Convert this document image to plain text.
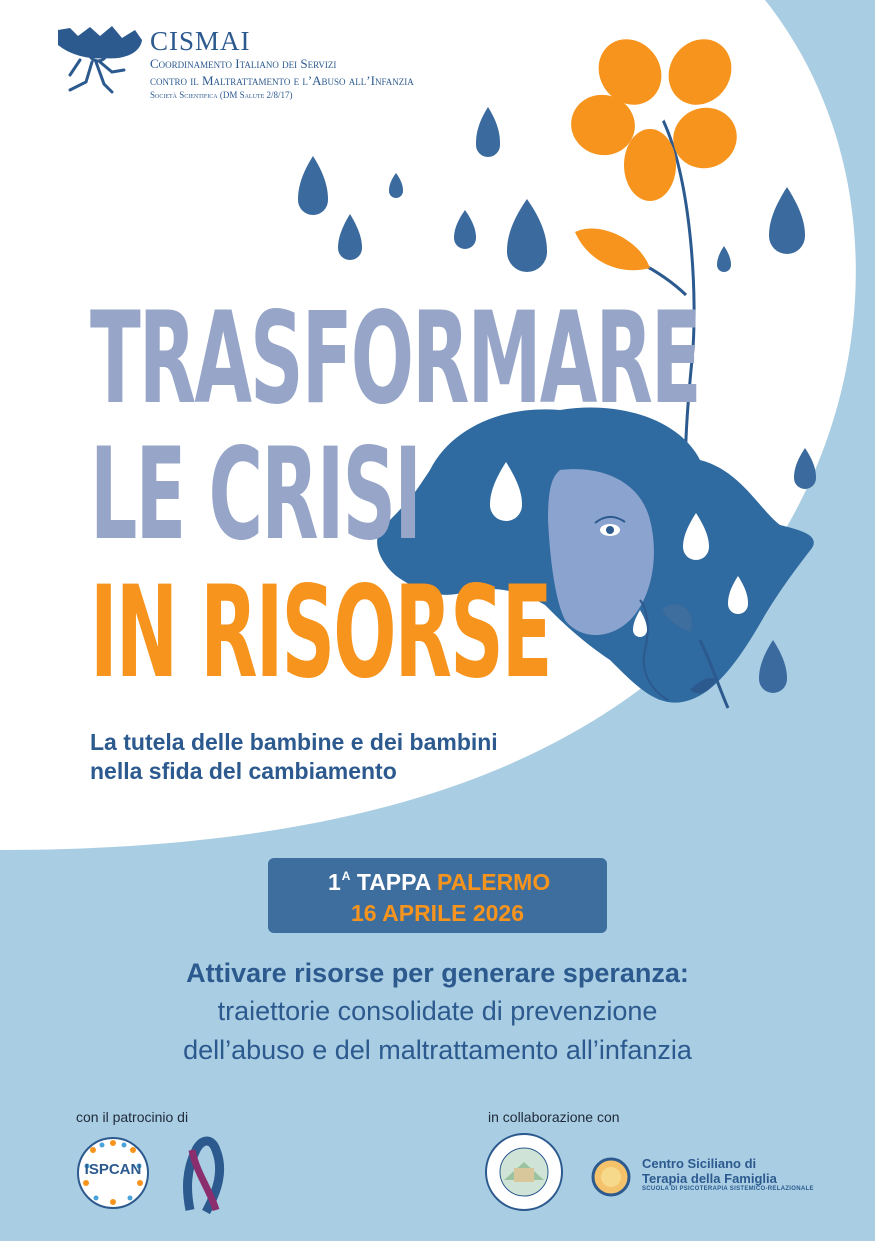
CISMAI
Coordinamento Italiano dei Servizi
contro il Maltrattamento e l’Abuso all’Infanzia
Società Scientifica (DM Salute 2/8/17)
TRASFORMARE
LE CRISI
IN RISORSE
La tutela delle bambine e dei bambini
nella sfida del cambiamento
$1^A$ TAPPA PALERMO
16 APRILE 2026
Attivare risorse per generare speranza:
traiettorie consolidate di prevenzione
dell’abuso e del maltrattamento all’infanzia
con il patrocinio di	in collaborazione con
ISPCAN	Centro Siciliano di
Terapia della Famiglia
SCUOLA DI PSICOTERAPIA SISTEMICO-RELAZIONALE
